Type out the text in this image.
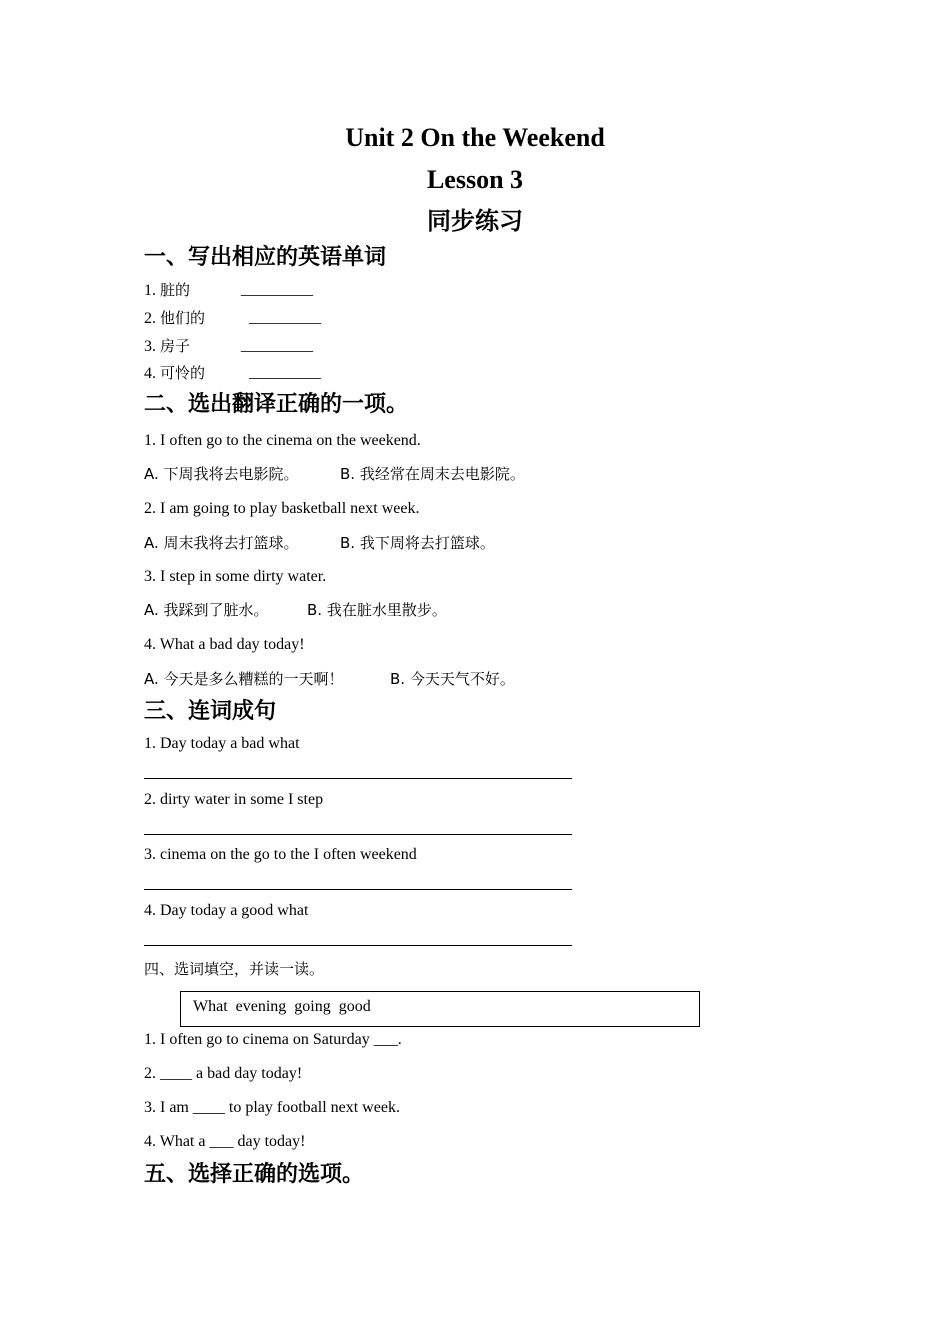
Unit 2 On the Weekend
Lesson 3
同步练习
一、写出相应的英语单词
1. 脏的	_________
2. 他们的	_________
3. 房子	_________
4. 可怜的	_________
二、选出翻译正确的一项。
1. I often go to the cinema on the weekend.
A. 下周我将去电影院。	B. 我经常在周末去电影院。
2. I am going to play basketball next week.
A. 周末我将去打篮球。	B. 我下周将去打篮球。
3. I step in some dirty water.
A. 我踩到了脏水。	B. 我在脏水里散步。
4. What a bad day today!
A. 今天是多么糟糕的一天啊！	B. 今天天气不好。
三、连词成句
1. Day today a bad what
2. dirty water in some I step
3. cinema on the go to the I often weekend
4. Day today a good what
四、选词填空，并读一读。
What  evening  going  good
1. I often go to cinema on Saturday ___.
2. ____ a bad day today!
3. I am ____ to play football next week.
4. What a ___ day today!
五、选择正确的选项。
